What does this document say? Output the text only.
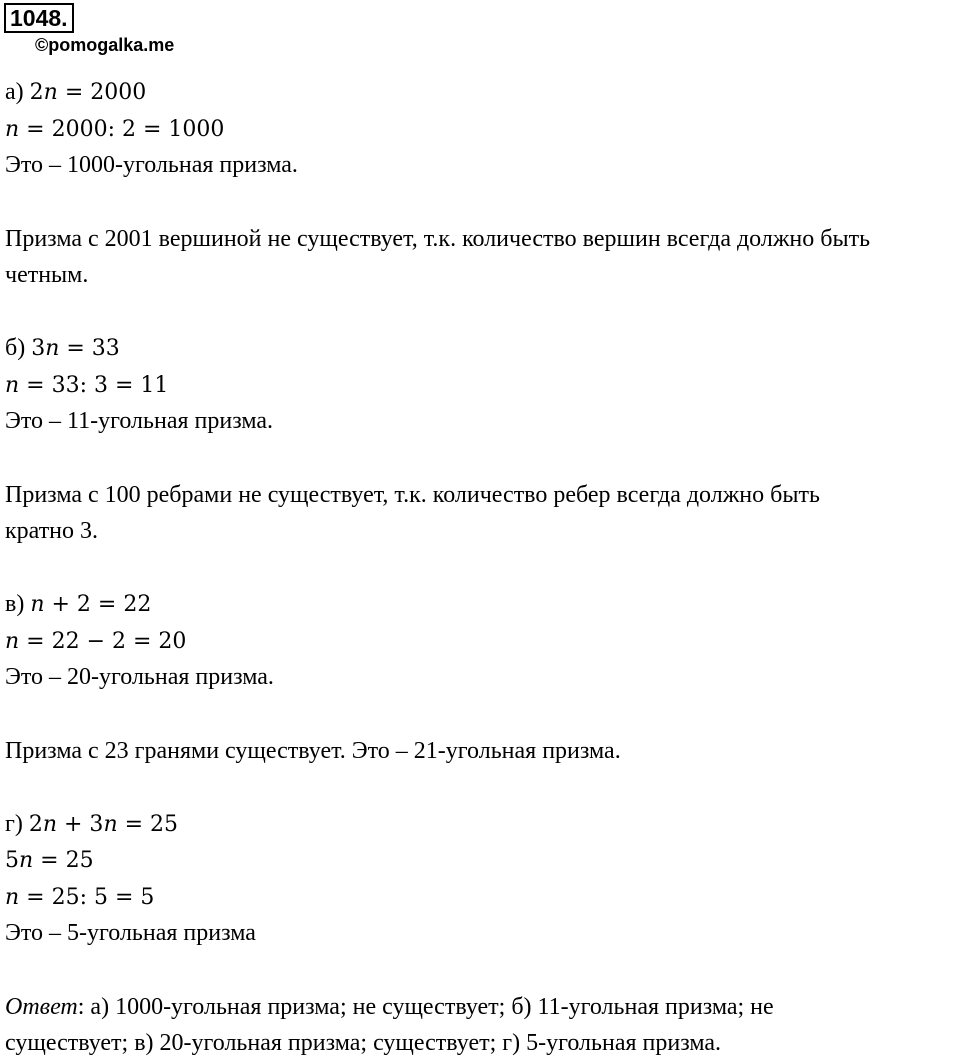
1048.
©pomogalka.me
а) 2n = 2000
n = 2000: 2 = 1000
Это – 1000-угольная призма.
Призма с 2001 вершиной не существует, т.к. количество вершин всегда должно быть
четным.
б) 3n = 33
n = 33: 3 = 11
Это – 11-угольная призма.
Призма с 100 ребрами не существует, т.к. количество ребер всегда должно быть
кратно 3.
в) n + 2 = 22
n = 22 − 2 = 20
Это – 20-угольная призма.
Призма с 23 гранями существует. Это – 21-угольная призма.
г) 2n + 3n = 25
5n = 25
n = 25: 5 = 5
Это – 5-угольная призма
Ответ: а) 1000-угольная призма; не существует; б) 11-угольная призма; не
существует; в) 20-угольная призма; существует; г) 5-угольная призма.
